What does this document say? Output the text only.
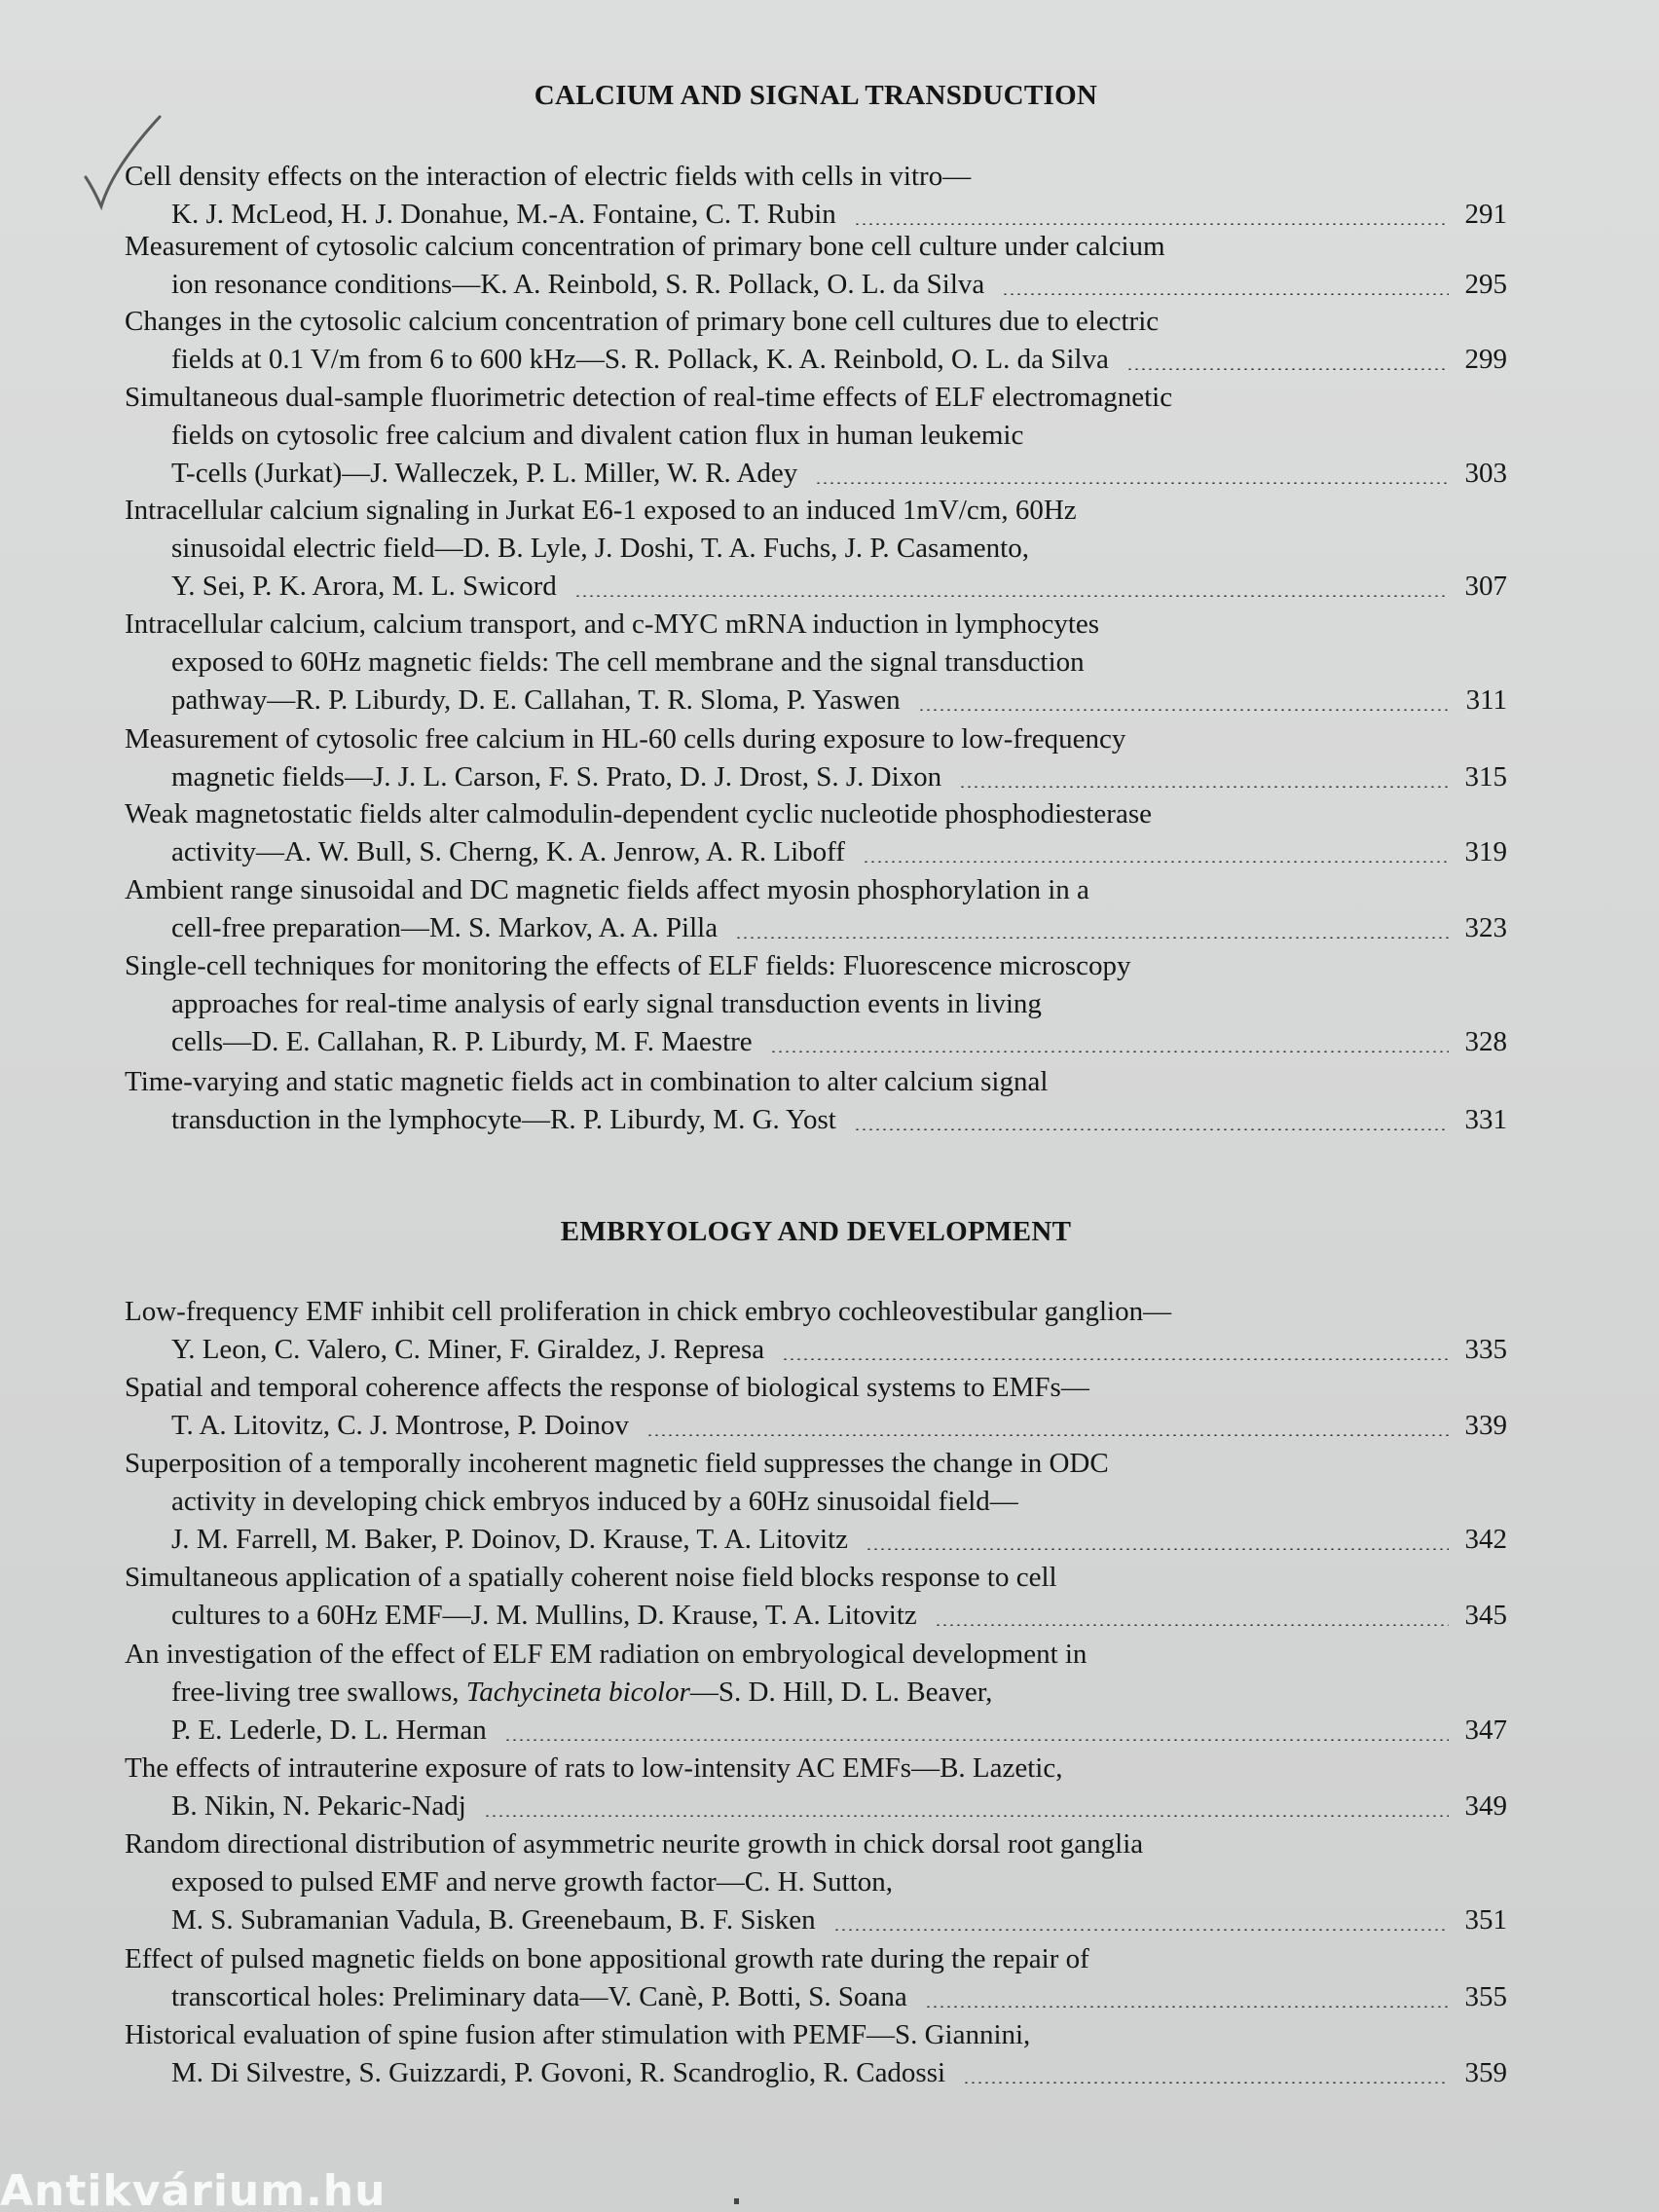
CALCIUM AND SIGNAL TRANSDUCTION
Cell density effects on the interaction of electric fields with cells in vitro—
K. J. McLeod, H. J. Donahue, M.-A. Fontaine, C. T. Rubin	291
Measurement of cytosolic calcium concentration of primary bone cell culture under calcium
ion resonance conditions—K. A. Reinbold, S. R. Pollack, O. L. da Silva	295
Changes in the cytosolic calcium concentration of primary bone cell cultures due to electric
fields at 0.1 V/m from 6 to 600 kHz—S. R. Pollack, K. A. Reinbold, O. L. da Silva	299
Simultaneous dual-sample fluorimetric detection of real-time effects of ELF electromagnetic
fields on cytosolic free calcium and divalent cation flux in human leukemic
T-cells (Jurkat)—J. Walleczek, P. L. Miller, W. R. Adey	303
Intracellular calcium signaling in Jurkat E6-1 exposed to an induced 1mV/cm, 60Hz
sinusoidal electric field—D. B. Lyle, J. Doshi, T. A. Fuchs, J. P. Casamento,
Y. Sei, P. K. Arora, M. L. Swicord	307
Intracellular calcium, calcium transport, and c-MYC mRNA induction in lymphocytes
exposed to 60Hz magnetic fields: The cell membrane and the signal transduction
pathway—R. P. Liburdy, D. E. Callahan, T. R. Sloma, P. Yaswen	311
Measurement of cytosolic free calcium in HL-60 cells during exposure to low-frequency
magnetic fields—J. J. L. Carson, F. S. Prato, D. J. Drost, S. J. Dixon	315
Weak magnetostatic fields alter calmodulin-dependent cyclic nucleotide phosphodiesterase
activity—A. W. Bull, S. Cherng, K. A. Jenrow, A. R. Liboff	319
Ambient range sinusoidal and DC magnetic fields affect myosin phosphorylation in a
cell-free preparation—M. S. Markov, A. A. Pilla	323
Single-cell techniques for monitoring the effects of ELF fields: Fluorescence microscopy
approaches for real-time analysis of early signal transduction events in living
cells—D. E. Callahan, R. P. Liburdy, M. F. Maestre	328
Time-varying and static magnetic fields act in combination to alter calcium signal
transduction in the lymphocyte—R. P. Liburdy, M. G. Yost	331
EMBRYOLOGY AND DEVELOPMENT
Low-frequency EMF inhibit cell proliferation in chick embryo cochleovestibular ganglion—
Y. Leon, C. Valero, C. Miner, F. Giraldez, J. Represa	335
Spatial and temporal coherence affects the response of biological systems to EMFs—
T. A. Litovitz, C. J. Montrose, P. Doinov	339
Superposition of a temporally incoherent magnetic field suppresses the change in ODC
activity in developing chick embryos induced by a 60Hz sinusoidal field—
J. M. Farrell, M. Baker, P. Doinov, D. Krause, T. A. Litovitz	342
Simultaneous application of a spatially coherent noise field blocks response to cell
cultures to a 60Hz EMF—J. M. Mullins, D. Krause, T. A. Litovitz	345
An investigation of the effect of ELF EM radiation on embryological development in
free-living tree swallows, Tachycineta bicolor—S. D. Hill, D. L. Beaver,
P. E. Lederle, D. L. Herman	347
The effects of intrauterine exposure of rats to low-intensity AC EMFs—B. Lazetic,
B. Nikin, N. Pekaric-Nadj	349
Random directional distribution of asymmetric neurite growth in chick dorsal root ganglia
exposed to pulsed EMF and nerve growth factor—C. H. Sutton,
M. S. Subramanian Vadula, B. Greenebaum, B. F. Sisken	351
Effect of pulsed magnetic fields on bone appositional growth rate during the repair of
transcortical holes: Preliminary data—V. Canè, P. Botti, S. Soana	355
Historical evaluation of spine fusion after stimulation with PEMF—S. Giannini,
M. Di Silvestre, S. Guizzardi, P. Govoni, R. Scandroglio, R. Cadossi	359
Antikvárium.hu
